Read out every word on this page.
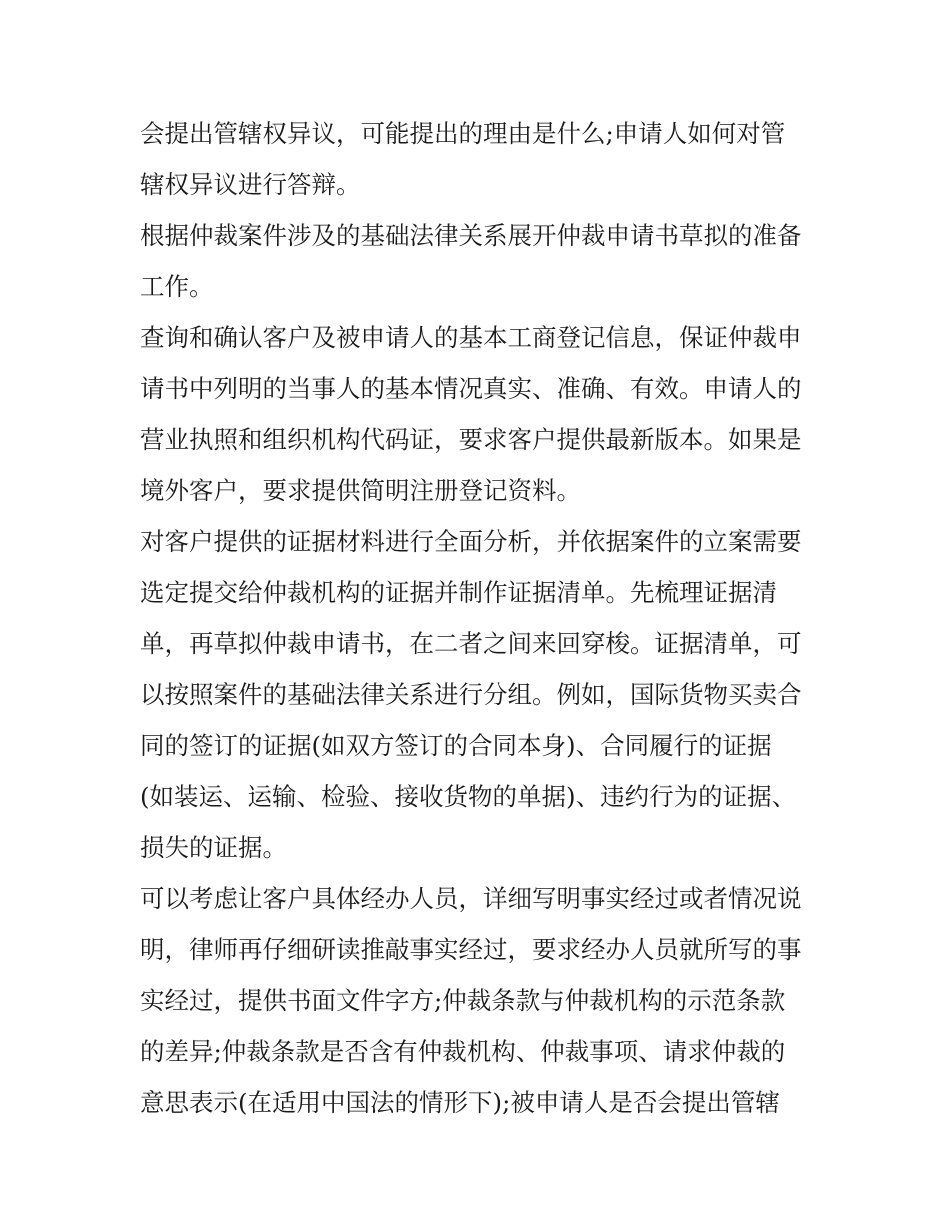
会提出管辖权异议，可能提出的理由是什么;申请人如何对管
辖权异议进行答辩。
根据仲裁案件涉及的基础法律关系展开仲裁申请书草拟的准备
工作。
查询和确认客户及被申请人的基本工商登记信息，保证仲裁申
请书中列明的当事人的基本情况真实、准确、有效。申请人的
营业执照和组织机构代码证，要求客户提供最新版本。如果是
境外客户，要求提供简明注册登记资料。
对客户提供的证据材料进行全面分析，并依据案件的立案需要
选定提交给仲裁机构的证据并制作证据清单。先梳理证据清
单，再草拟仲裁申请书，在二者之间来回穿梭。证据清单，可
以按照案件的基础法律关系进行分组。例如，国际货物买卖合
同的签订的证据(如双方签订的合同本身)、合同履行的证据
(如装运、运输、检验、接收货物的单据)、违约行为的证据、
损失的证据。
可以考虑让客户具体经办人员，详细写明事实经过或者情况说
明，律师再仔细研读推敲事实经过，要求经办人员就所写的事
实经过，提供书面文件字方;仲裁条款与仲裁机构的示范条款
的差异;仲裁条款是否含有仲裁机构、仲裁事项、请求仲裁的
意思表示(在适用中国法的情形下);被申请人是否会提出管辖
